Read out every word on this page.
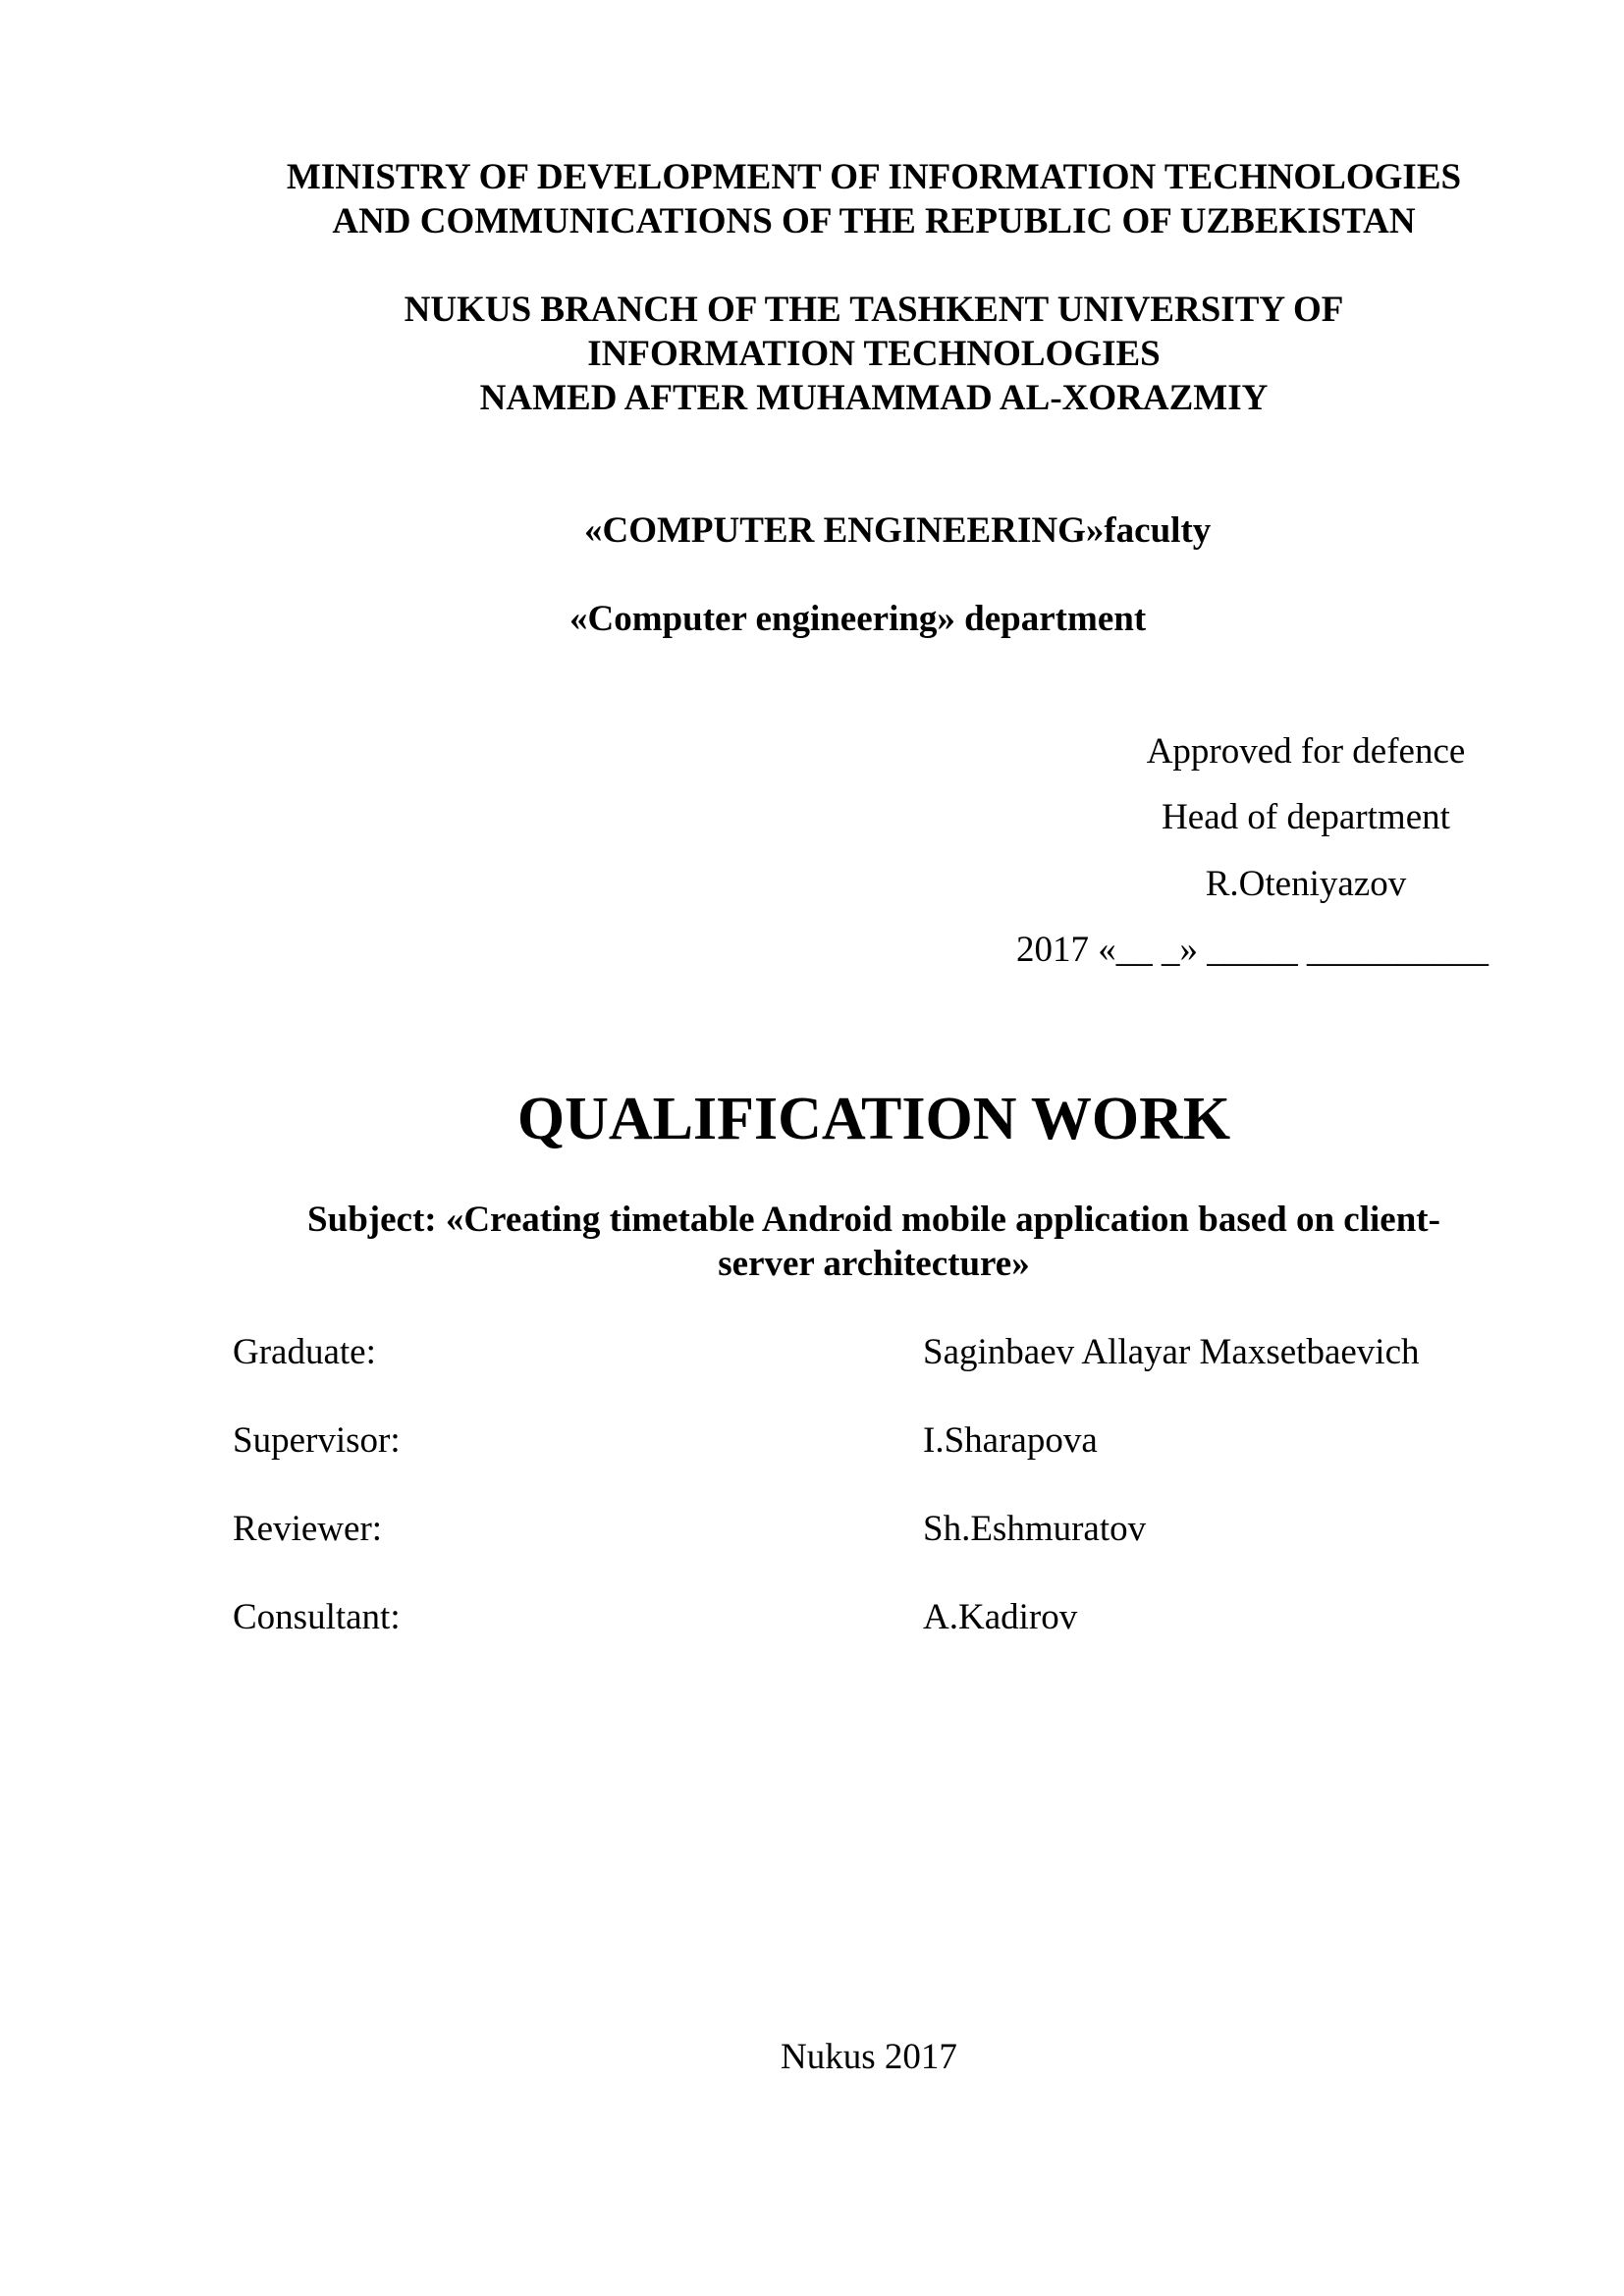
MINISTRY OF DEVELOPMENT OF INFORMATION TECHNOLOGIES
AND COMMUNICATIONS OF THE REPUBLIC OF UZBEKISTAN
NUKUS BRANCH OF THE TASHKENT UNIVERSITY OF
INFORMATION TECHNOLOGIES
NAMED AFTER MUHAMMAD AL-XORAZMIY
«COMPUTER ENGINEERING»faculty
«Computer engineering» department
Approved for defence
Head of department
R.Oteniyazov
2017 «__ _» _____ __________
QUALIFICATION WORK
Subject: «Creating timetable Android mobile application based on client-
server architecture»
Graduate:	Saginbaev Allayar Maxsetbaevich
Supervisor:	I.Sharapova
Reviewer:	Sh.Eshmuratov
Consultant:	A.Kadirov
Nukus 2017
